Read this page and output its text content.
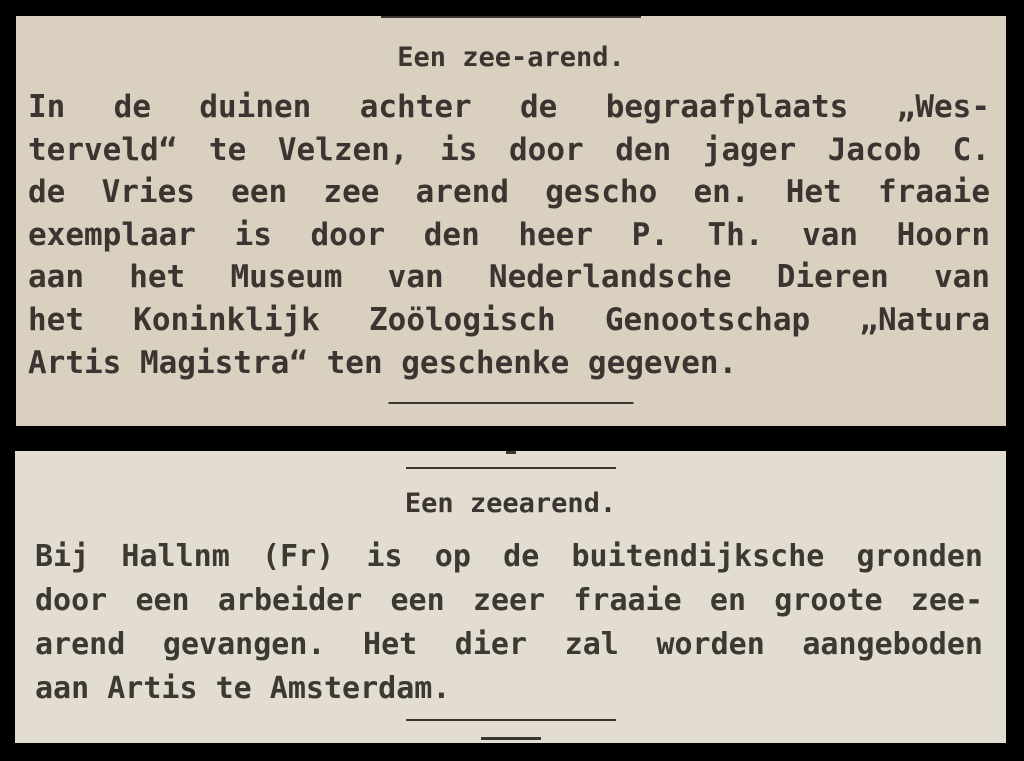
Een zee-arend.
In de duinen achter de begraafplaats „Wes-
terveld“ te Velzen, is door den jager Jacob C.
de Vries een zee arend gescho en. Het fraaie
exemplaar is door den heer P. Th. van Hoorn
aan het Museum van Nederlandsche Dieren van
het Koninklijk Zoölogisch Genootschap „Natura
Artis Magistra“ ten geschenke gegeven.
Een zeearend.
Bij Hallnm (Fr) is op de buitendijksche gronden
door een arbeider een zeer fraaie en groote zee-
arend gevangen. Het dier zal worden aangeboden
aan Artis te Amsterdam.
